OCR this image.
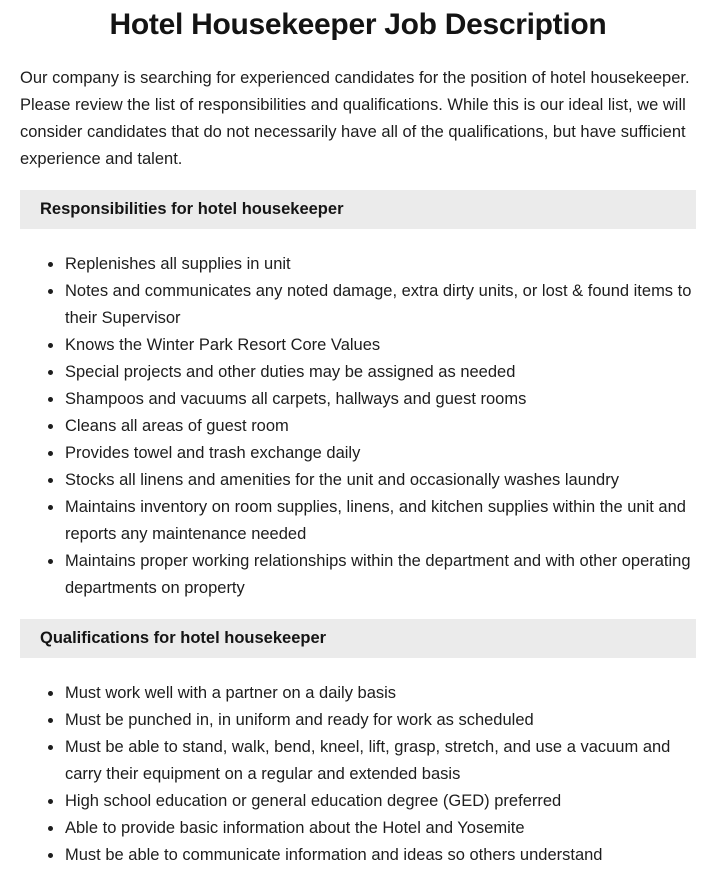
Hotel Housekeeper Job Description

Our company is searching for experienced candidates for the position of hotel housekeeper. Please review the list of responsibilities and qualifications. While this is our ideal list, we will consider candidates that do not necessarily have all of the qualifications, but have sufficient experience and talent.

Responsibilities for hotel housekeeper
• Replenishes all supplies in unit
• Notes and communicates any noted damage, extra dirty units, or lost & found items to their Supervisor
• Knows the Winter Park Resort Core Values
• Special projects and other duties may be assigned as needed
• Shampoos and vacuums all carpets, hallways and guest rooms
• Cleans all areas of guest room
• Provides towel and trash exchange daily
• Stocks all linens and amenities for the unit and occasionally washes laundry
• Maintains inventory on room supplies, linens, and kitchen supplies within the unit and reports any maintenance needed
• Maintains proper working relationships within the department and with other operating departments on property
Qualifications for hotel housekeeper
• Must work well with a partner on a daily basis
• Must be punched in, in uniform and ready for work as scheduled
• Must be able to stand, walk, bend, kneel, lift, grasp, stretch, and use a vacuum and carry their equipment on a regular and extended basis
• High school education or general education degree (GED) preferred
• Able to provide basic information about the Hotel and Yosemite
• Must be able to communicate information and ideas so others understand
